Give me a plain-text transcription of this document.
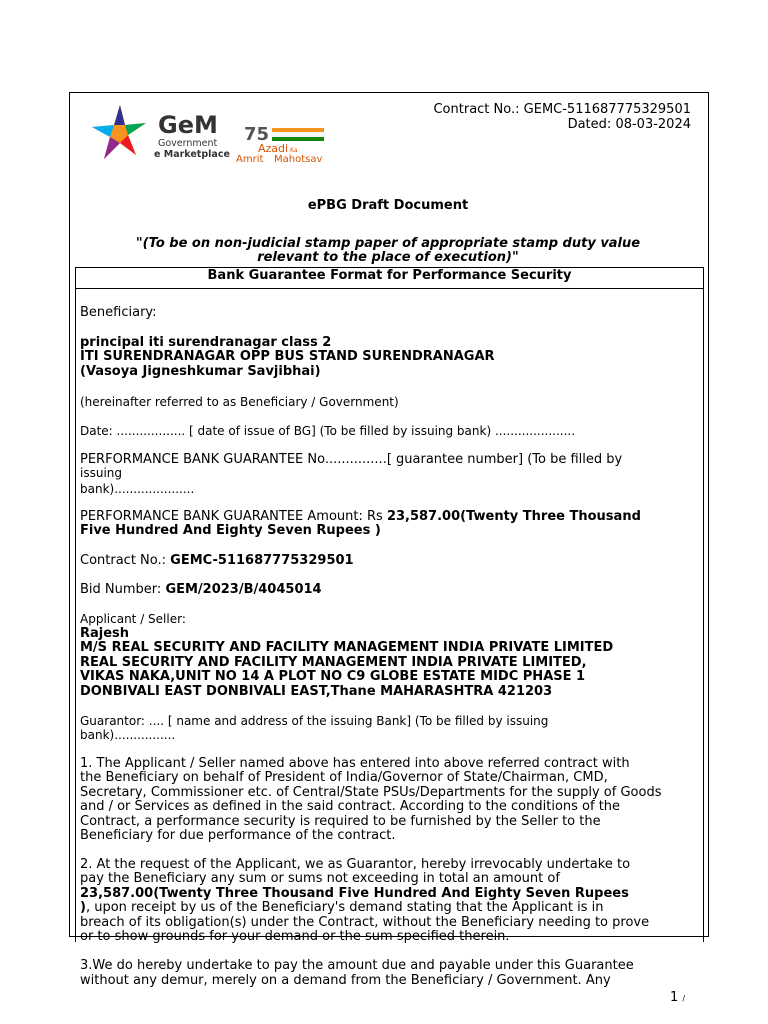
GeM
Government
e Marketplace
75
Azadi Ka
Amrit Mahotsav
Contract No.: GEMC-511687775329501
Dated: 08-03-2024
ePBG Draft Document
"(To be on non-judicial stamp paper of appropriate stamp duty value
relevant to the place of execution)"
Bank Guarantee Format for Performance Security
Beneficiary:
principal iti surendranagar class 2
ITI SURENDRANAGAR OPP BUS STAND SURENDRANAGAR
(Vasoya Jigneshkumar Savjibhai)
(hereinafter referred to as Beneficiary / Government)
Date: .................. [ date of issue of BG] (To be filled by issuing bank) .....................
PERFORMANCE BANK GUARANTEE No...............[ guarantee number] (To be filled by
issuing
bank).....................
PERFORMANCE BANK GUARANTEE Amount: Rs 23,587.00(Twenty Three Thousand
Five Hundred And Eighty Seven Rupees )
Contract No.: GEMC-511687775329501
Bid Number: GEM/2023/B/4045014
Applicant / Seller:
Rajesh
M/S REAL SECURITY AND FACILITY MANAGEMENT INDIA PRIVATE LIMITED
REAL SECURITY AND FACILITY MANAGEMENT INDIA PRIVATE LIMITED,
VIKAS NAKA,UNIT NO 14 A PLOT NO C9 GLOBE ESTATE MIDC PHASE 1
DONBIVALI EAST DONBIVALI EAST,Thane MAHARASHTRA 421203
Guarantor: .... [ name and address of the issuing Bank] (To be filled by issuing
bank)................
1. The Applicant / Seller named above has entered into above referred contract with
the Beneficiary on behalf of President of India/Governor of State/Chairman, CMD,
Secretary, Commissioner etc. of Central/State PSUs/Departments for the supply of Goods
and / or Services as defined in the said contract. According to the conditions of the
Contract, a performance security is required to be furnished by the Seller to the
Beneficiary for due performance of the contract.
2. At the request of the Applicant, we as Guarantor, hereby irrevocably undertake to
pay the Beneficiary any sum or sums not exceeding in total an amount of
23,587.00(Twenty Three Thousand Five Hundred And Eighty Seven Rupees
), upon receipt by us of the Beneficiary's demand stating that the Applicant is in
breach of its obligation(s) under the Contract, without the Beneficiary needing to prove
or to show grounds for your demand or the sum specified therein.
3.We do hereby undertake to pay the amount due and payable under this Guarantee
without any demur, merely on a demand from the Beneficiary / Government. Any
1 /
